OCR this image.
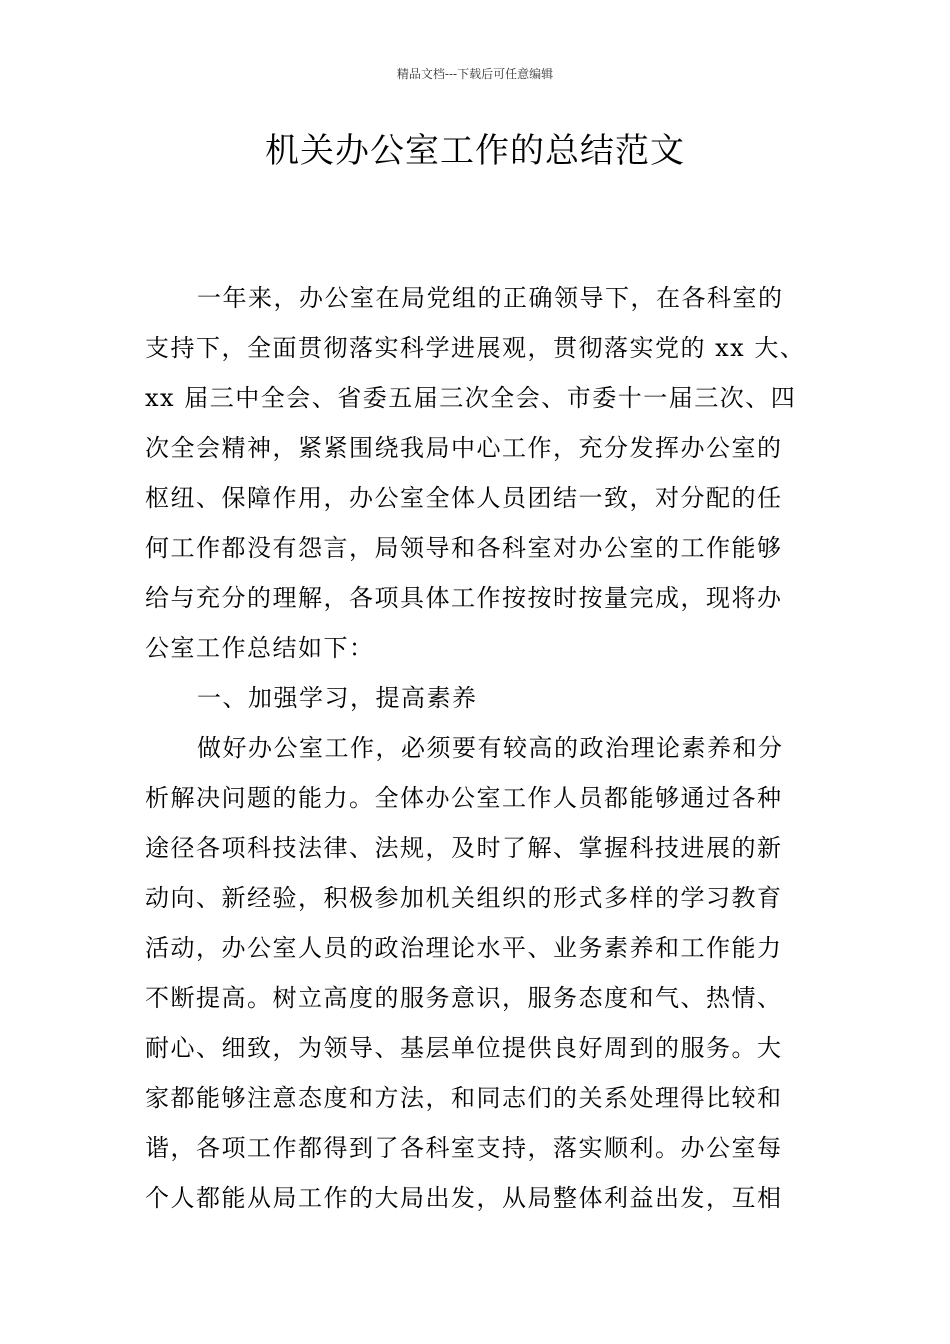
精品文档---下载后可任意编辑
机关办公室工作的总结范文
一年来，办公室在局党组的正确领导下，在各科室的
支持下，全面贯彻落实科学进展观，贯彻落实党的 xx 大、
xx 届三中全会、省委五届三次全会、市委十一届三次、四
次全会精神，紧紧围绕我局中心工作，充分发挥办公室的
枢纽、保障作用，办公室全体人员团结一致，对分配的任
何工作都没有怨言，局领导和各科室对办公室的工作能够
给与充分的理解，各项具体工作按按时按量完成，现将办
公室工作总结如下：
一、加强学习，提高素养
做好办公室工作，必须要有较高的政治理论素养和分
析解决问题的能力。全体办公室工作人员都能够通过各种
途径各项科技法律、法规，及时了解、掌握科技进展的新
动向、新经验，积极参加机关组织的形式多样的学习教育
活动，办公室人员的政治理论水平、业务素养和工作能力
不断提高。树立高度的服务意识，服务态度和气、热情、
耐心、细致，为领导、基层单位提供良好周到的服务。大
家都能够注意态度和方法，和同志们的关系处理得比较和
谐，各项工作都得到了各科室支持，落实顺利。办公室每
个人都能从局工作的大局出发，从局整体利益出发，互相
